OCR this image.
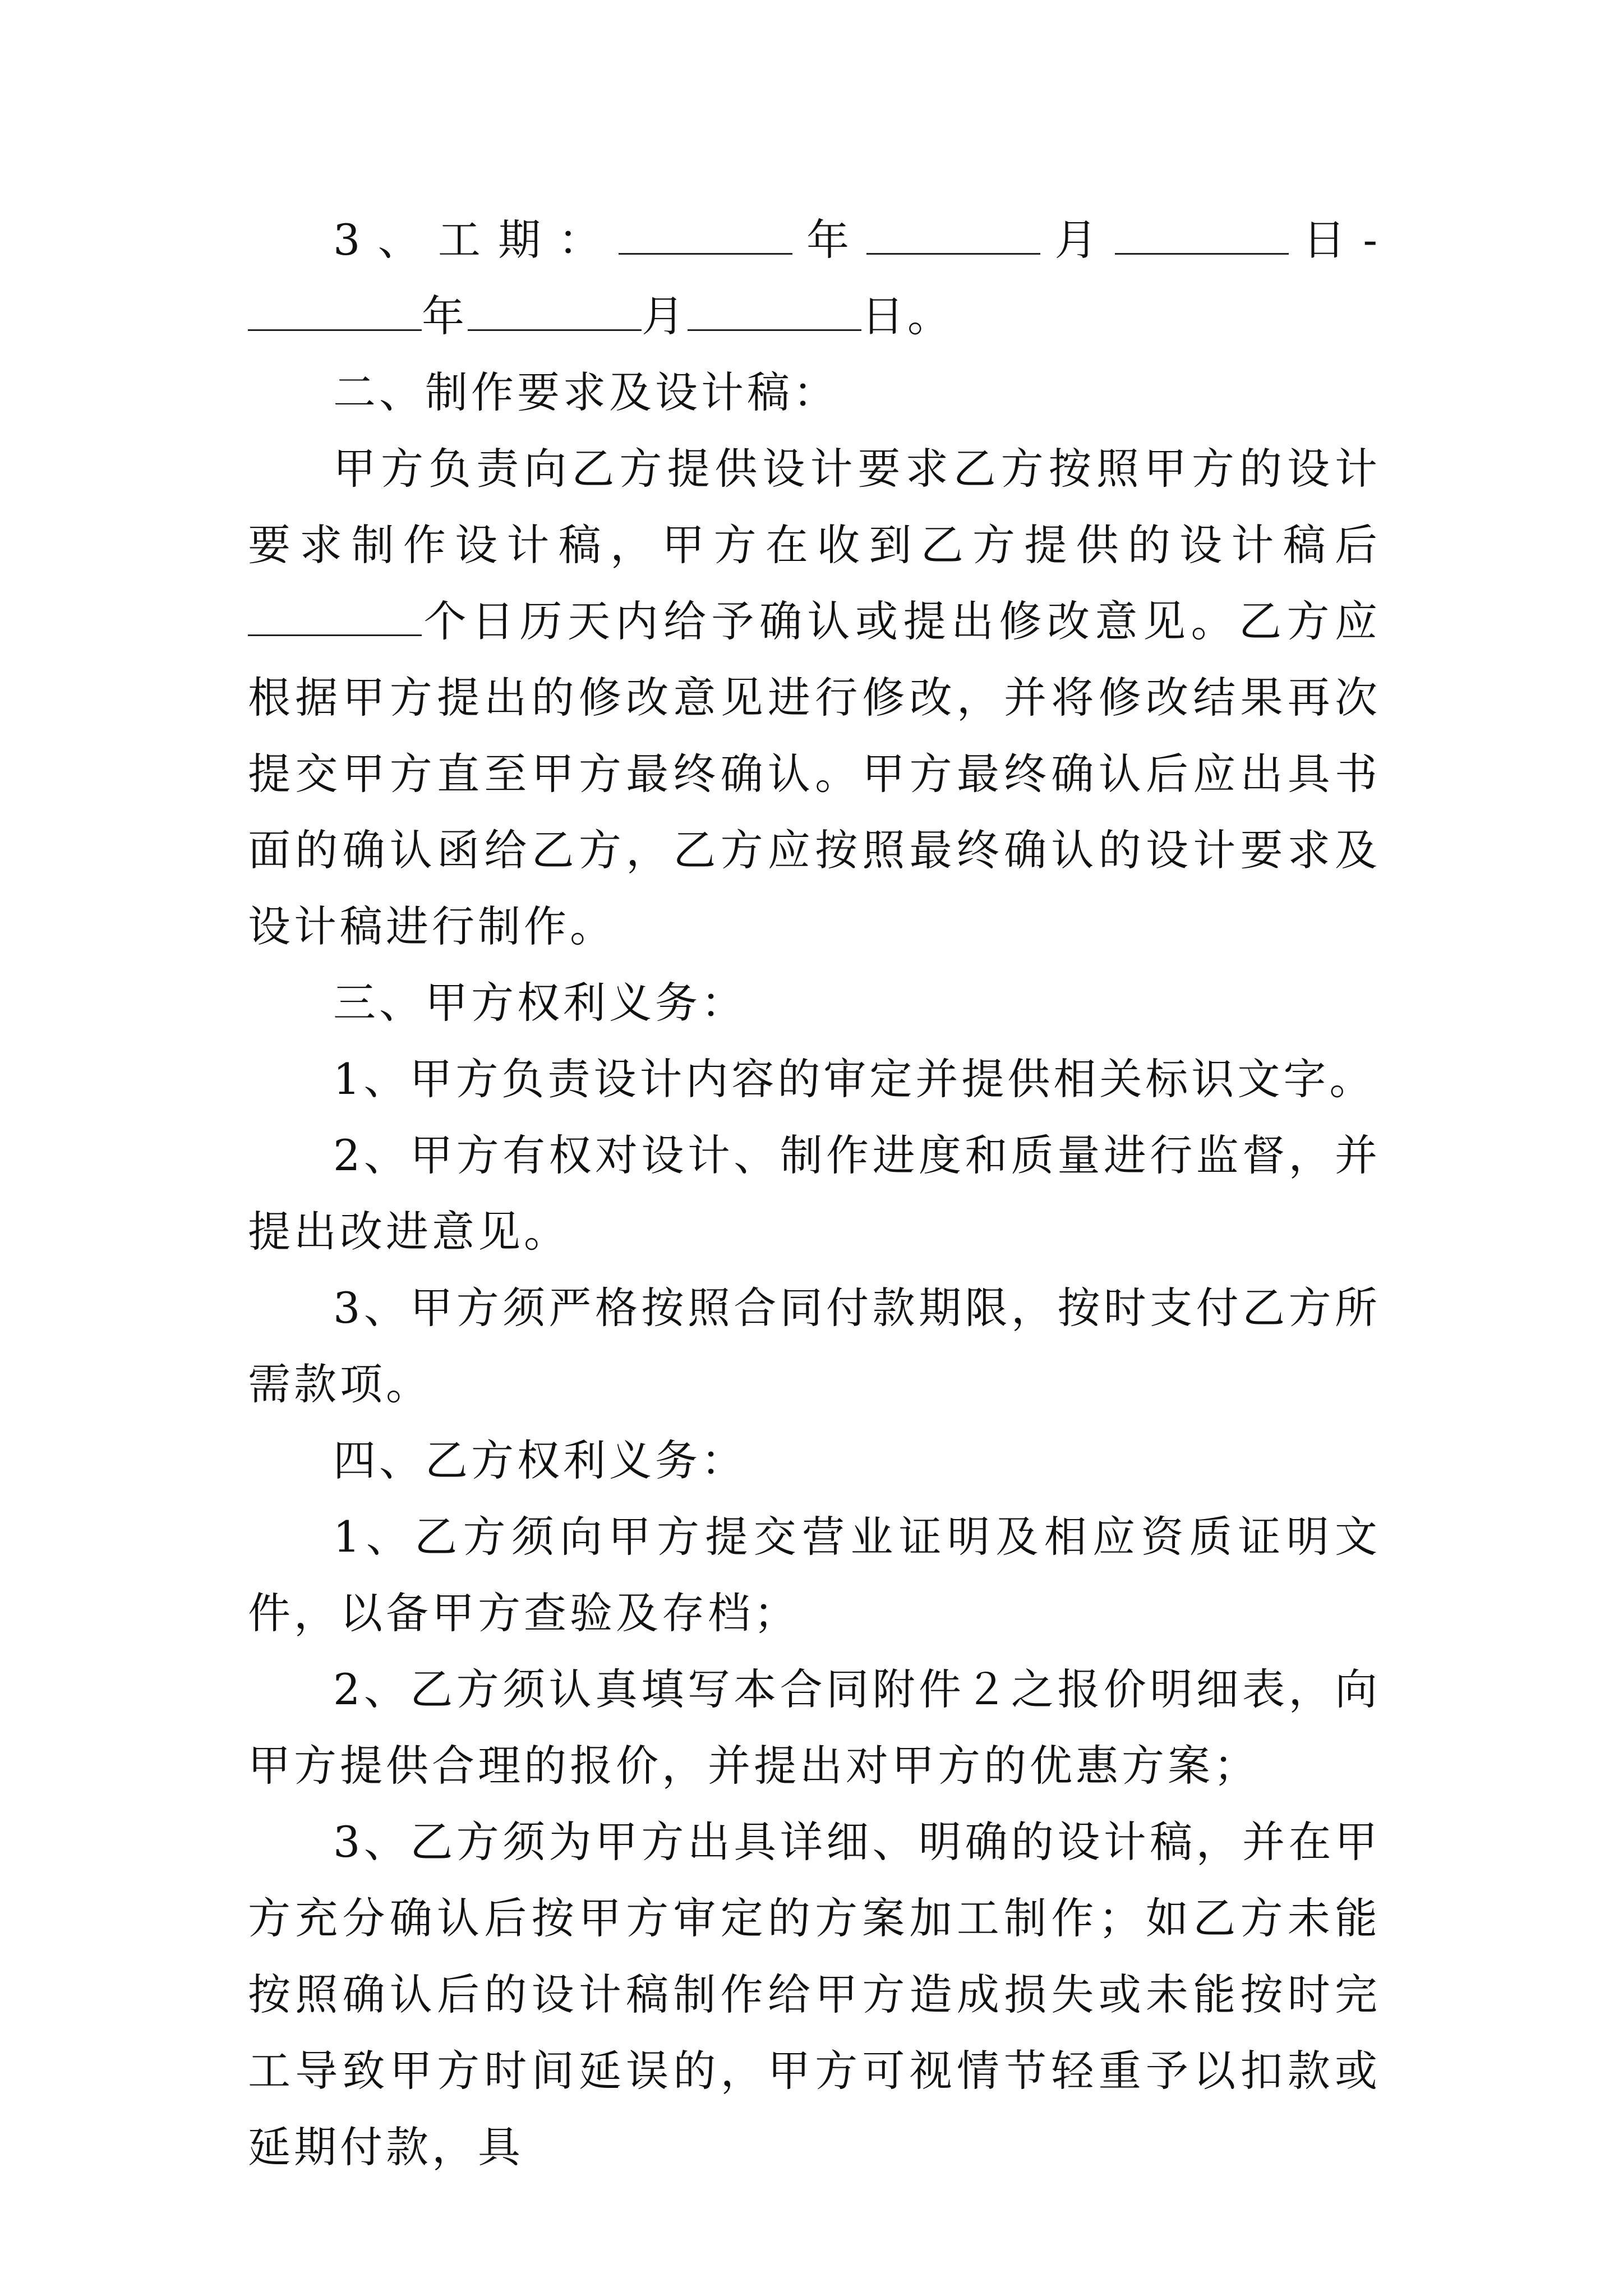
3、工期：	年	月	日-年	月	日。

二、制作要求及设计稿：

甲方负责向乙方提供设计要求乙方按照甲方的设计要求制作设计稿，甲方在收到乙方提供的设计稿后个日历天内给予确认或提出修改意见。乙方应根据甲方提出的修改意见进行修改，并将修改结果再次提交甲方直至甲方最终确认。甲方最终确认后应出具书面的确认函给乙方，乙方应按照最终确认的设计要求及设计稿进行制作。

三、甲方权利义务：

1、甲方负责设计内容的审定并提供相关标识文字。

2、甲方有权对设计、制作进度和质量进行监督，并提出改进意见。

3、甲方须严格按照合同付款期限，按时支付乙方所需款项。

四、乙方权利义务：

1、乙方须向甲方提交营业证明及相应资质证明文件，以备甲方查验及存档；

2、乙方须认真填写本合同附件２之报价明细表，向甲方提供合理的报价，并提出对甲方的优惠方案；

3、乙方须为甲方出具详细、明确的设计稿，并在甲方充分确认后按甲方审定的方案加工制作；如乙方未能按照确认后的设计稿制作给甲方造成损失或未能按时完工导致甲方时间延误的，甲方可视情节轻重予以扣款或延期付款，具
